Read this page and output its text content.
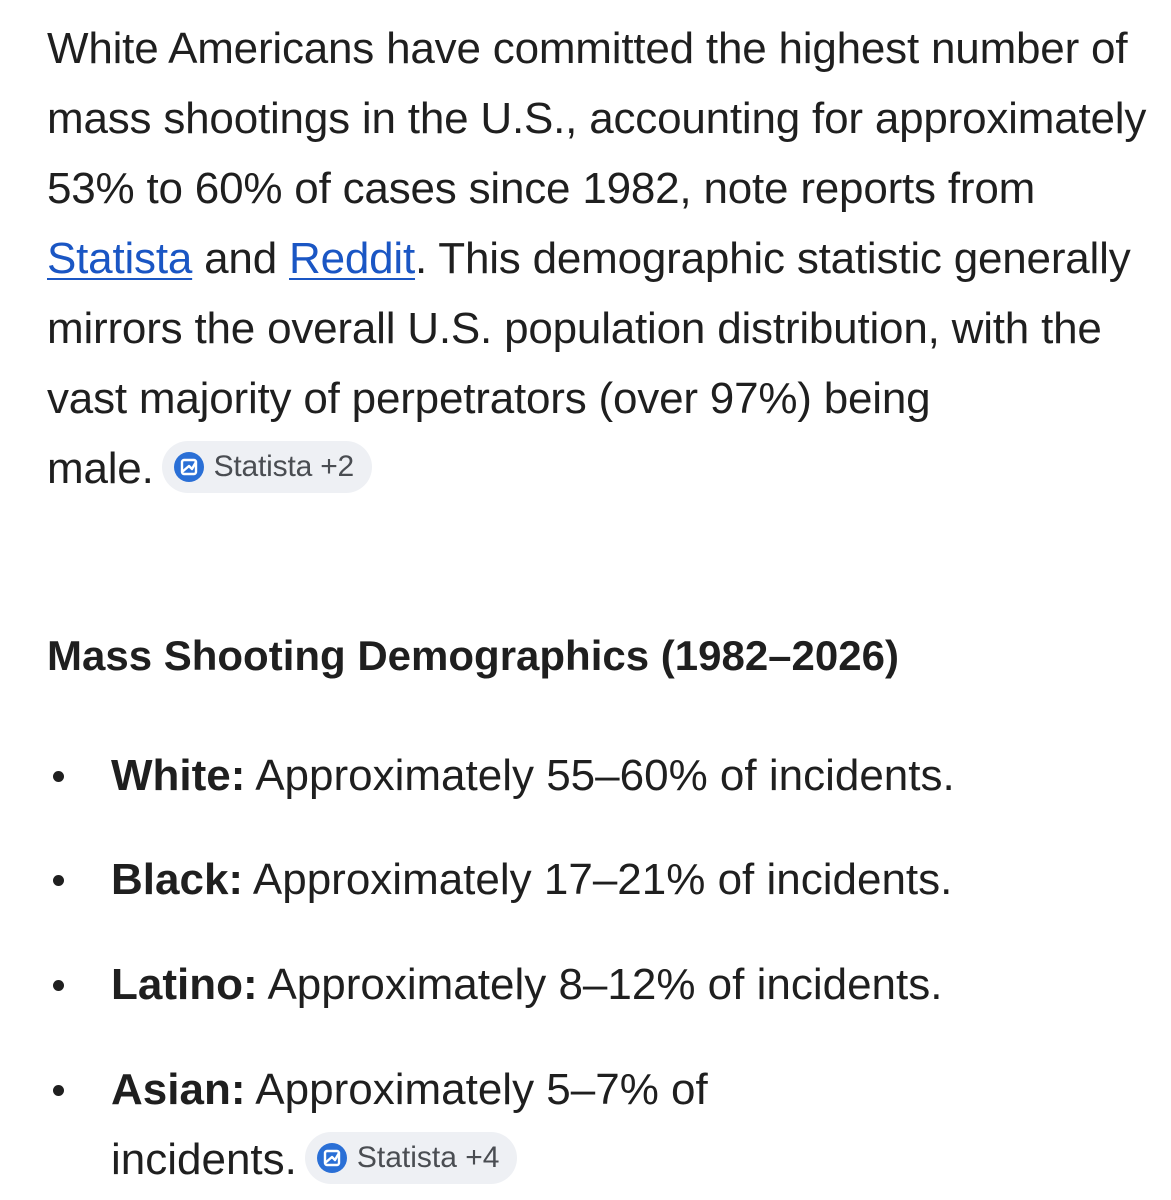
White Americans have committed the highest number of mass shootings in the U.S., accounting for approximately 53% to 60% of cases since 1982, note reports from Statista and Reddit. This demographic statistic generally mirrors the overall U.S. population distribution, with the vast majority of perpetrators (over 97%) being
male. Statista +2

Mass Shooting Demographics (1982–2026)
White: Approximately 55–60% of incidents.
Black: Approximately 17–21% of incidents.
Latino: Approximately 8–12% of incidents.
Asian: Approximately 5–7% of
incidents. Statista +4
